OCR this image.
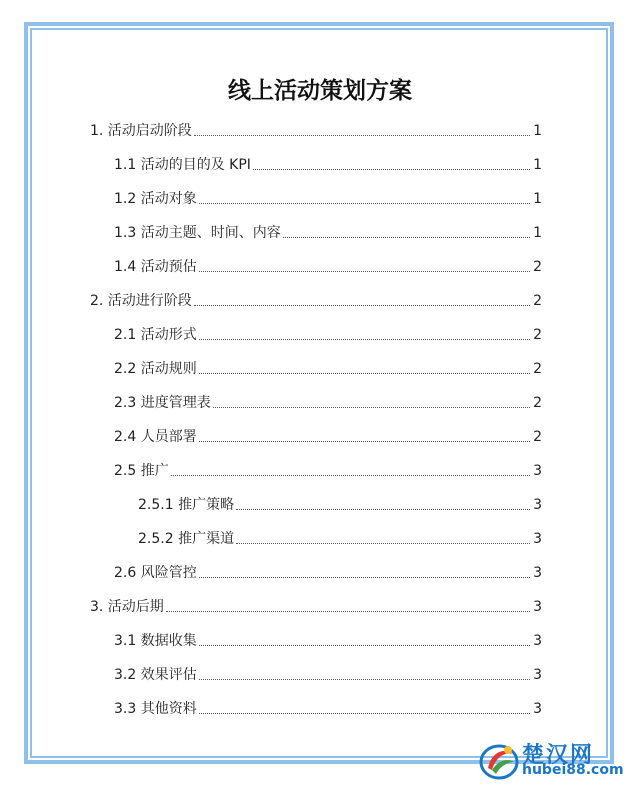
线上活动策划方案
1. 活动启动阶段	1
1.1 活动的目的及 KPI	1
1.2 活动对象	1
1.3 活动主题、时间、内容	1
1.4 活动预估	2
2. 活动进行阶段	2
2.1 活动形式	2
2.2 活动规则	2
2.3 进度管理表	2
2.4 人员部署	2
2.5 推广	3
2.5.1 推广策略	3
2.5.2 推广渠道	3
2.6 风险管控	3
3. 活动后期	3
3.1 数据收集	3
3.2 效果评估	3
3.3 其他资料	3
楚汉网
hubei88.com
